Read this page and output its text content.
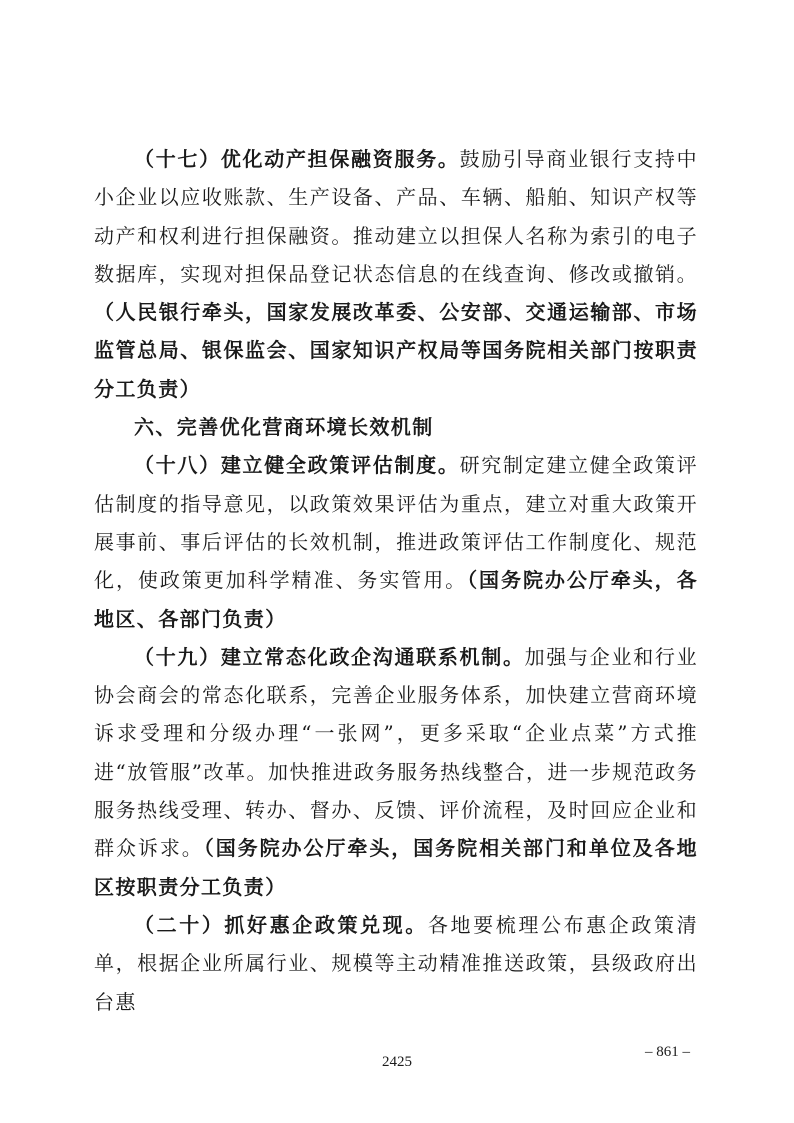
（十七）优化动产担保融资服务。鼓励引导商业银行支持中小企业以应收账款、生产设备、产品、车辆、船舶、知识产权等动产和权利进行担保融资。推动建立以担保人名称为索引的电子数据库，实现对担保品登记状态信息的在线查询、修改或撤销。（人民银行牵头，国家发展改革委、公安部、交通运输部、市场监管总局、银保监会、国家知识产权局等国务院相关部门按职责分工负责）

六、完善优化营商环境长效机制

（十八）建立健全政策评估制度。研究制定建立健全政策评估制度的指导意见，以政策效果评估为重点，建立对重大政策开展事前、事后评估的长效机制，推进政策评估工作制度化、规范化，使政策更加科学精准、务实管用。（国务院办公厅牵头，各地区、各部门负责）

（十九）建立常态化政企沟通联系机制。加强与企业和行业协会商会的常态化联系，完善企业服务体系，加快建立营商环境诉求受理和分级办理“一张网”，更多采取“企业点菜”方式推进“放管服”改革。加快推进政务服务热线整合，进一步规范政务服务热线受理、转办、督办、反馈、评价流程，及时回应企业和群众诉求。（国务院办公厅牵头，国务院相关部门和单位及各地区按职责分工负责）

（二十）抓好惠企政策兑现。各地要梳理公布惠企政策清单，根据企业所属行业、规模等主动精准推送政策，县级政府出台惠

– 861 –
2425
